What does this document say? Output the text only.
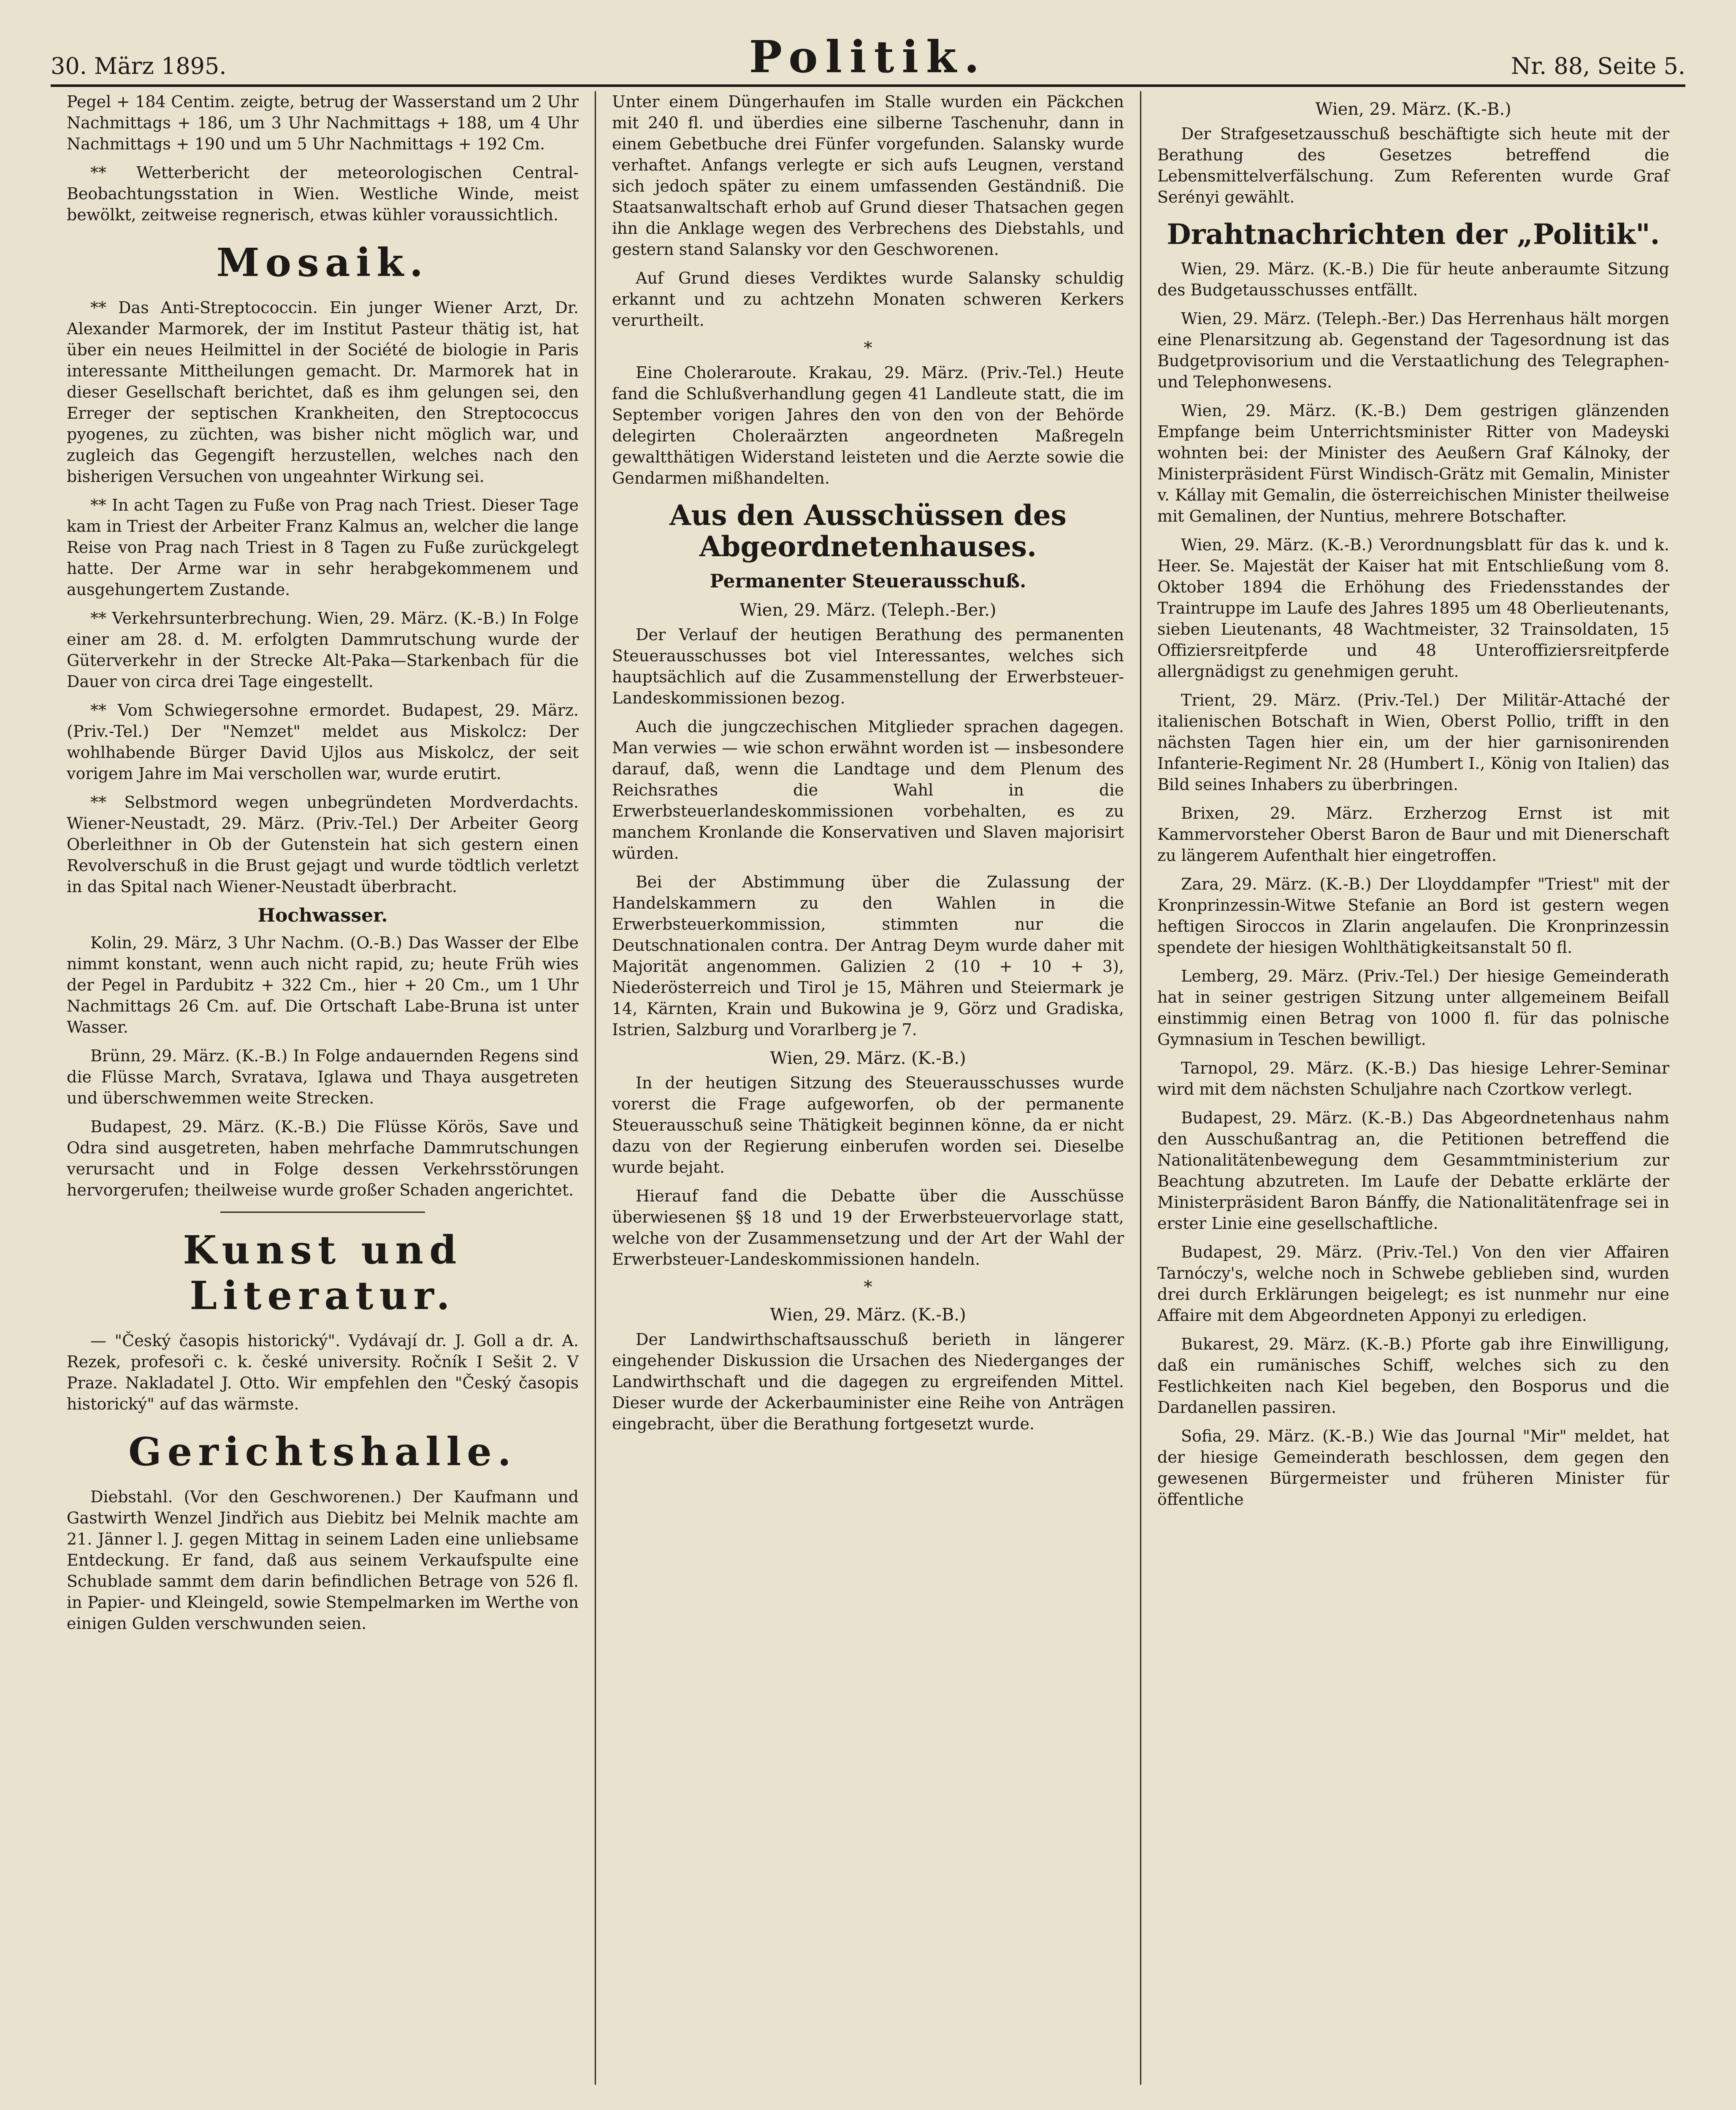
30. März 1895.	Politik.	Nr. 88, Seite 5.

Pegel + 184 Centim. zeigte, betrug der Wasserstand um 2 Uhr Nachmittags + 186, um 3 Uhr Nachmittags + 188, um 4 Uhr Nachmittags + 190 und um 5 Uhr Nachmittags + 192 Cm.

** Wetterbericht der meteorologischen Central-Beobachtungsstation in Wien. Westliche Winde, meist bewölkt, zeitweise regnerisch, etwas kühler voraussichtlich.

Mosaik.

** Das Anti-Streptococcin. Ein junger Wiener Arzt, Dr. Alexander Marmorek, der im Institut Pasteur thätig ist, hat über ein neues Heilmittel in der Société de biologie in Paris interessante Mittheilungen gemacht. Dr. Marmorek hat in dieser Gesellschaft berichtet, daß es ihm gelungen sei, den Erreger der septischen Krankheiten, den Streptococcus pyogenes, zu züchten, was bisher nicht möglich war, und zugleich das Gegengift herzustellen, welches nach den bisherigen Versuchen von ungeahnter Wirkung sei.

** In acht Tagen zu Fuße von Prag nach Triest. Dieser Tage kam in Triest der Arbeiter Franz Kalmus an, welcher die lange Reise von Prag nach Triest in 8 Tagen zu Fuße zurückgelegt hatte. Der Arme war in sehr herabgekommenem und ausgehungertem Zustande.

** Verkehrsunterbrechung. Wien, 29. März. (K.-B.) In Folge einer am 28. d. M. erfolgten Dammrutschung wurde der Güterverkehr in der Strecke Alt-Paka—Starkenbach für die Dauer von circa drei Tage eingestellt.

** Vom Schwiegersohne ermordet. Budapest, 29. März. (Priv.-Tel.) Der "Nemzet" meldet aus Miskolcz: Der wohlhabende Bürger David Ujlos aus Miskolcz, der seit vorigem Jahre im Mai verschollen war, wurde erutirt.

** Selbstmord wegen unbegründeten Mordverdachts. Wiener-Neustadt, 29. März. (Priv.-Tel.) Der Arbeiter Georg Oberleithner in Ob der Gutenstein hat sich gestern einen Revolverschuß in die Brust gejagt und wurde tödtlich verletzt in das Spital nach Wiener-Neustadt überbracht.

Hochwasser.

Kolin, 29. März, 3 Uhr Nachm. (O.-B.) Das Wasser der Elbe nimmt konstant, wenn auch nicht rapid, zu; heute Früh wies der Pegel in Pardubitz + 322 Cm., hier + 20 Cm., um 1 Uhr Nachmittags 26 Cm. auf. Die Ortschaft Labe-Bruna ist unter Wasser.

Brünn, 29. März. (K.-B.) In Folge andauernden Regens sind die Flüsse March, Svratava, Iglawa und Thaya ausgetreten und überschwemmen weite Strecken.

Budapest, 29. März. (K.-B.) Die Flüsse Körös, Save und Odra sind ausgetreten, haben mehrfache Dammrutschungen verursacht und in Folge dessen Verkehrsstörungen hervorgerufen; theilweise wurde großer Schaden angerichtet.

Kunst und Literatur.

— "Český časopis historický". Vydávají dr. J. Goll a dr. A. Rezek, profesoři c. k. české university. Ročník I Sešit 2. V Praze. Nakladatel J. Otto. Wir empfehlen den "Český časopis historický" auf das wärmste.

Gerichtshalle.

Diebstahl. (Vor den Geschworenen.) Der Kaufmann und Gastwirth Wenzel Jindřich aus Diebitz bei Melnik machte am 21. Jänner l. J. gegen Mittag in seinem Laden eine unliebsame Entdeckung. Er fand, daß aus seinem Verkaufspulte eine Schublade sammt dem darin befindlichen Betrage von 526 fl. in Papier- und Kleingeld, sowie Stempelmarken im Werthe von einigen Gulden verschwunden seien.

Unter einem Düngerhaufen im Stalle wurden ein Päckchen mit 240 fl. und überdies eine silberne Taschenuhr, dann in einem Gebetbuche drei Fünfer vorgefunden. Salansky wurde verhaftet. Anfangs verlegte er sich aufs Leugnen, verstand sich jedoch später zu einem umfassenden Geständniß. Die Staatsanwaltschaft erhob auf Grund dieser Thatsachen gegen ihn die Anklage wegen des Verbrechens des Diebstahls, und gestern stand Salansky vor den Geschworenen.

Auf Grund dieses Verdiktes wurde Salansky schuldig erkannt und zu achtzehn Monaten schweren Kerkers verurtheilt.

*

Eine Choleraroute. Krakau, 29. März. (Priv.-Tel.) Heute fand die Schlußverhandlung gegen 41 Landleute statt, die im September vorigen Jahres den von den von der Behörde delegirten Choleraärzten angeordneten Maßregeln gewaltthätigen Widerstand leisteten und die Aerzte sowie die Gendarmen mißhandelten.

Aus den Ausschüssen des Abgeordnetenhauses.
Permanenter Steuerausschuß.
Wien, 29. März. (Teleph.-Ber.)

Der Verlauf der heutigen Berathung des permanenten Steuerausschusses bot viel Interessantes, welches sich hauptsächlich auf die Zusammenstellung der Erwerbsteuer-Landeskommissionen bezog.

Auch die jungczechischen Mitglieder sprachen dagegen. Man verwies — wie schon erwähnt worden ist — insbesondere darauf, daß, wenn die Landtage und dem Plenum des Reichsrathes die Wahl in die Erwerbsteuerlandeskommissionen vorbehalten, es zu manchem Kronlande die Konservativen und Slaven majorisirt würden.

Bei der Abstimmung über die Zulassung der Handelskammern zu den Wahlen in die Erwerbsteuerkommission, stimmten nur die Deutschnationalen contra. Der Antrag Deym wurde daher mit Majorität angenommen. Galizien 2 (10 + 10 + 3), Niederösterreich und Tirol je 15, Mähren und Steiermark je 14, Kärnten, Krain und Bukowina je 9, Görz und Gradiska, Istrien, Salzburg und Vorarlberg je 7.

Wien, 29. März. (K.-B.)

In der heutigen Sitzung des Steuerausschusses wurde vorerst die Frage aufgeworfen, ob der permanente Steuerausschuß seine Thätigkeit beginnen könne, da er nicht dazu von der Regierung einberufen worden sei. Dieselbe wurde bejaht.

Hierauf fand die Debatte über die Ausschüsse überwiesenen §§ 18 und 19 der Erwerbsteuervorlage statt, welche von der Zusammensetzung und der Art der Wahl der Erwerbsteuer-Landeskommissionen handeln.

*
Wien, 29. März. (K.-B.)

Der Landwirthschaftsausschuß berieth in längerer eingehender Diskussion die Ursachen des Niederganges der Landwirthschaft und die dagegen zu ergreifenden Mittel. Dieser wurde der Ackerbauminister eine Reihe von Anträgen eingebracht, über die Berathung fortgesetzt wurde.

Wien, 29. März. (K.-B.)

Der Strafgesetzausschuß beschäftigte sich heute mit der Berathung des Gesetzes betreffend die Lebensmittelverfälschung. Zum Referenten wurde Graf Serényi gewählt.

Drahtnachrichten der „Politik".

Wien, 29. März. (K.-B.) Die für heute anberaumte Sitzung des Budgetausschusses entfällt.

Wien, 29. März. (Teleph.-Ber.) Das Herrenhaus hält morgen eine Plenarsitzung ab. Gegenstand der Tagesordnung ist das Budgetprovisorium und die Verstaatlichung des Telegraphen- und Telephonwesens.

Wien, 29. März. (K.-B.) Dem gestrigen glänzenden Empfange beim Unterrichtsminister Ritter von Madeyski wohnten bei: der Minister des Aeußern Graf Kálnoky, der Ministerpräsident Fürst Windisch-Grätz mit Gemalin, Minister v. Kállay mit Gemalin, die österreichischen Minister theilweise mit Gemalinen, der Nuntius, mehrere Botschafter.

Wien, 29. März. (K.-B.) Verordnungsblatt für das k. und k. Heer. Se. Majestät der Kaiser hat mit Entschließung vom 8. Oktober 1894 die Erhöhung des Friedensstandes der Traintruppe im Laufe des Jahres 1895 um 48 Oberlieutenants, sieben Lieutenants, 48 Wachtmeister, 32 Trainsoldaten, 15 Offiziersreitpferde und 48 Unteroffiziersreitpferde allergnädigst zu genehmigen geruht.

Trient, 29. März. (Priv.-Tel.) Der Militär-Attaché der italienischen Botschaft in Wien, Oberst Pollio, trifft in den nächsten Tagen hier ein, um der hier garnisonirenden Infanterie-Regiment Nr. 28 (Humbert I., König von Italien) das Bild seines Inhabers zu überbringen.

Brixen, 29. März. Erzherzog Ernst ist mit Kammervorsteher Oberst Baron de Baur und mit Dienerschaft zu längerem Aufenthalt hier eingetroffen.

Zara, 29. März. (K.-B.) Der Lloyddampfer "Triest" mit der Kronprinzessin-Witwe Stefanie an Bord ist gestern wegen heftigen Siroccos in Zlarin angelaufen. Die Kronprinzessin spendete der hiesigen Wohlthätigkeitsanstalt 50 fl.

Lemberg, 29. März. (Priv.-Tel.) Der hiesige Gemeinderath hat in seiner gestrigen Sitzung unter allgemeinem Beifall einstimmig einen Betrag von 1000 fl. für das polnische Gymnasium in Teschen bewilligt.

Tarnopol, 29. März. (K.-B.) Das hiesige Lehrer-Seminar wird mit dem nächsten Schuljahre nach Czortkow verlegt.

Budapest, 29. März. (K.-B.) Das Abgeordnetenhaus nahm den Ausschußantrag an, die Petitionen betreffend die Nationalitätenbewegung dem Gesammtministerium zur Beachtung abzutreten. Im Laufe der Debatte erklärte der Ministerpräsident Baron Bánffy, die Nationalitätenfrage sei in erster Linie eine gesellschaftliche.

Budapest, 29. März. (Priv.-Tel.) Von den vier Affairen Tarnóczy's, welche noch in Schwebe geblieben sind, wurden drei durch Erklärungen beigelegt; es ist nunmehr nur eine Affaire mit dem Abgeordneten Apponyi zu erledigen.

Bukarest, 29. März. (K.-B.) Pforte gab ihre Einwilligung, daß ein rumänisches Schiff, welches sich zu den Festlichkeiten nach Kiel begeben, den Bosporus und die Dardanellen passiren.

Sofia, 29. März. (K.-B.) Wie das Journal "Mir" meldet, hat der hiesige Gemeinderath beschlossen, dem gegen den gewesenen Bürgermeister und früheren Minister für öffentliche
